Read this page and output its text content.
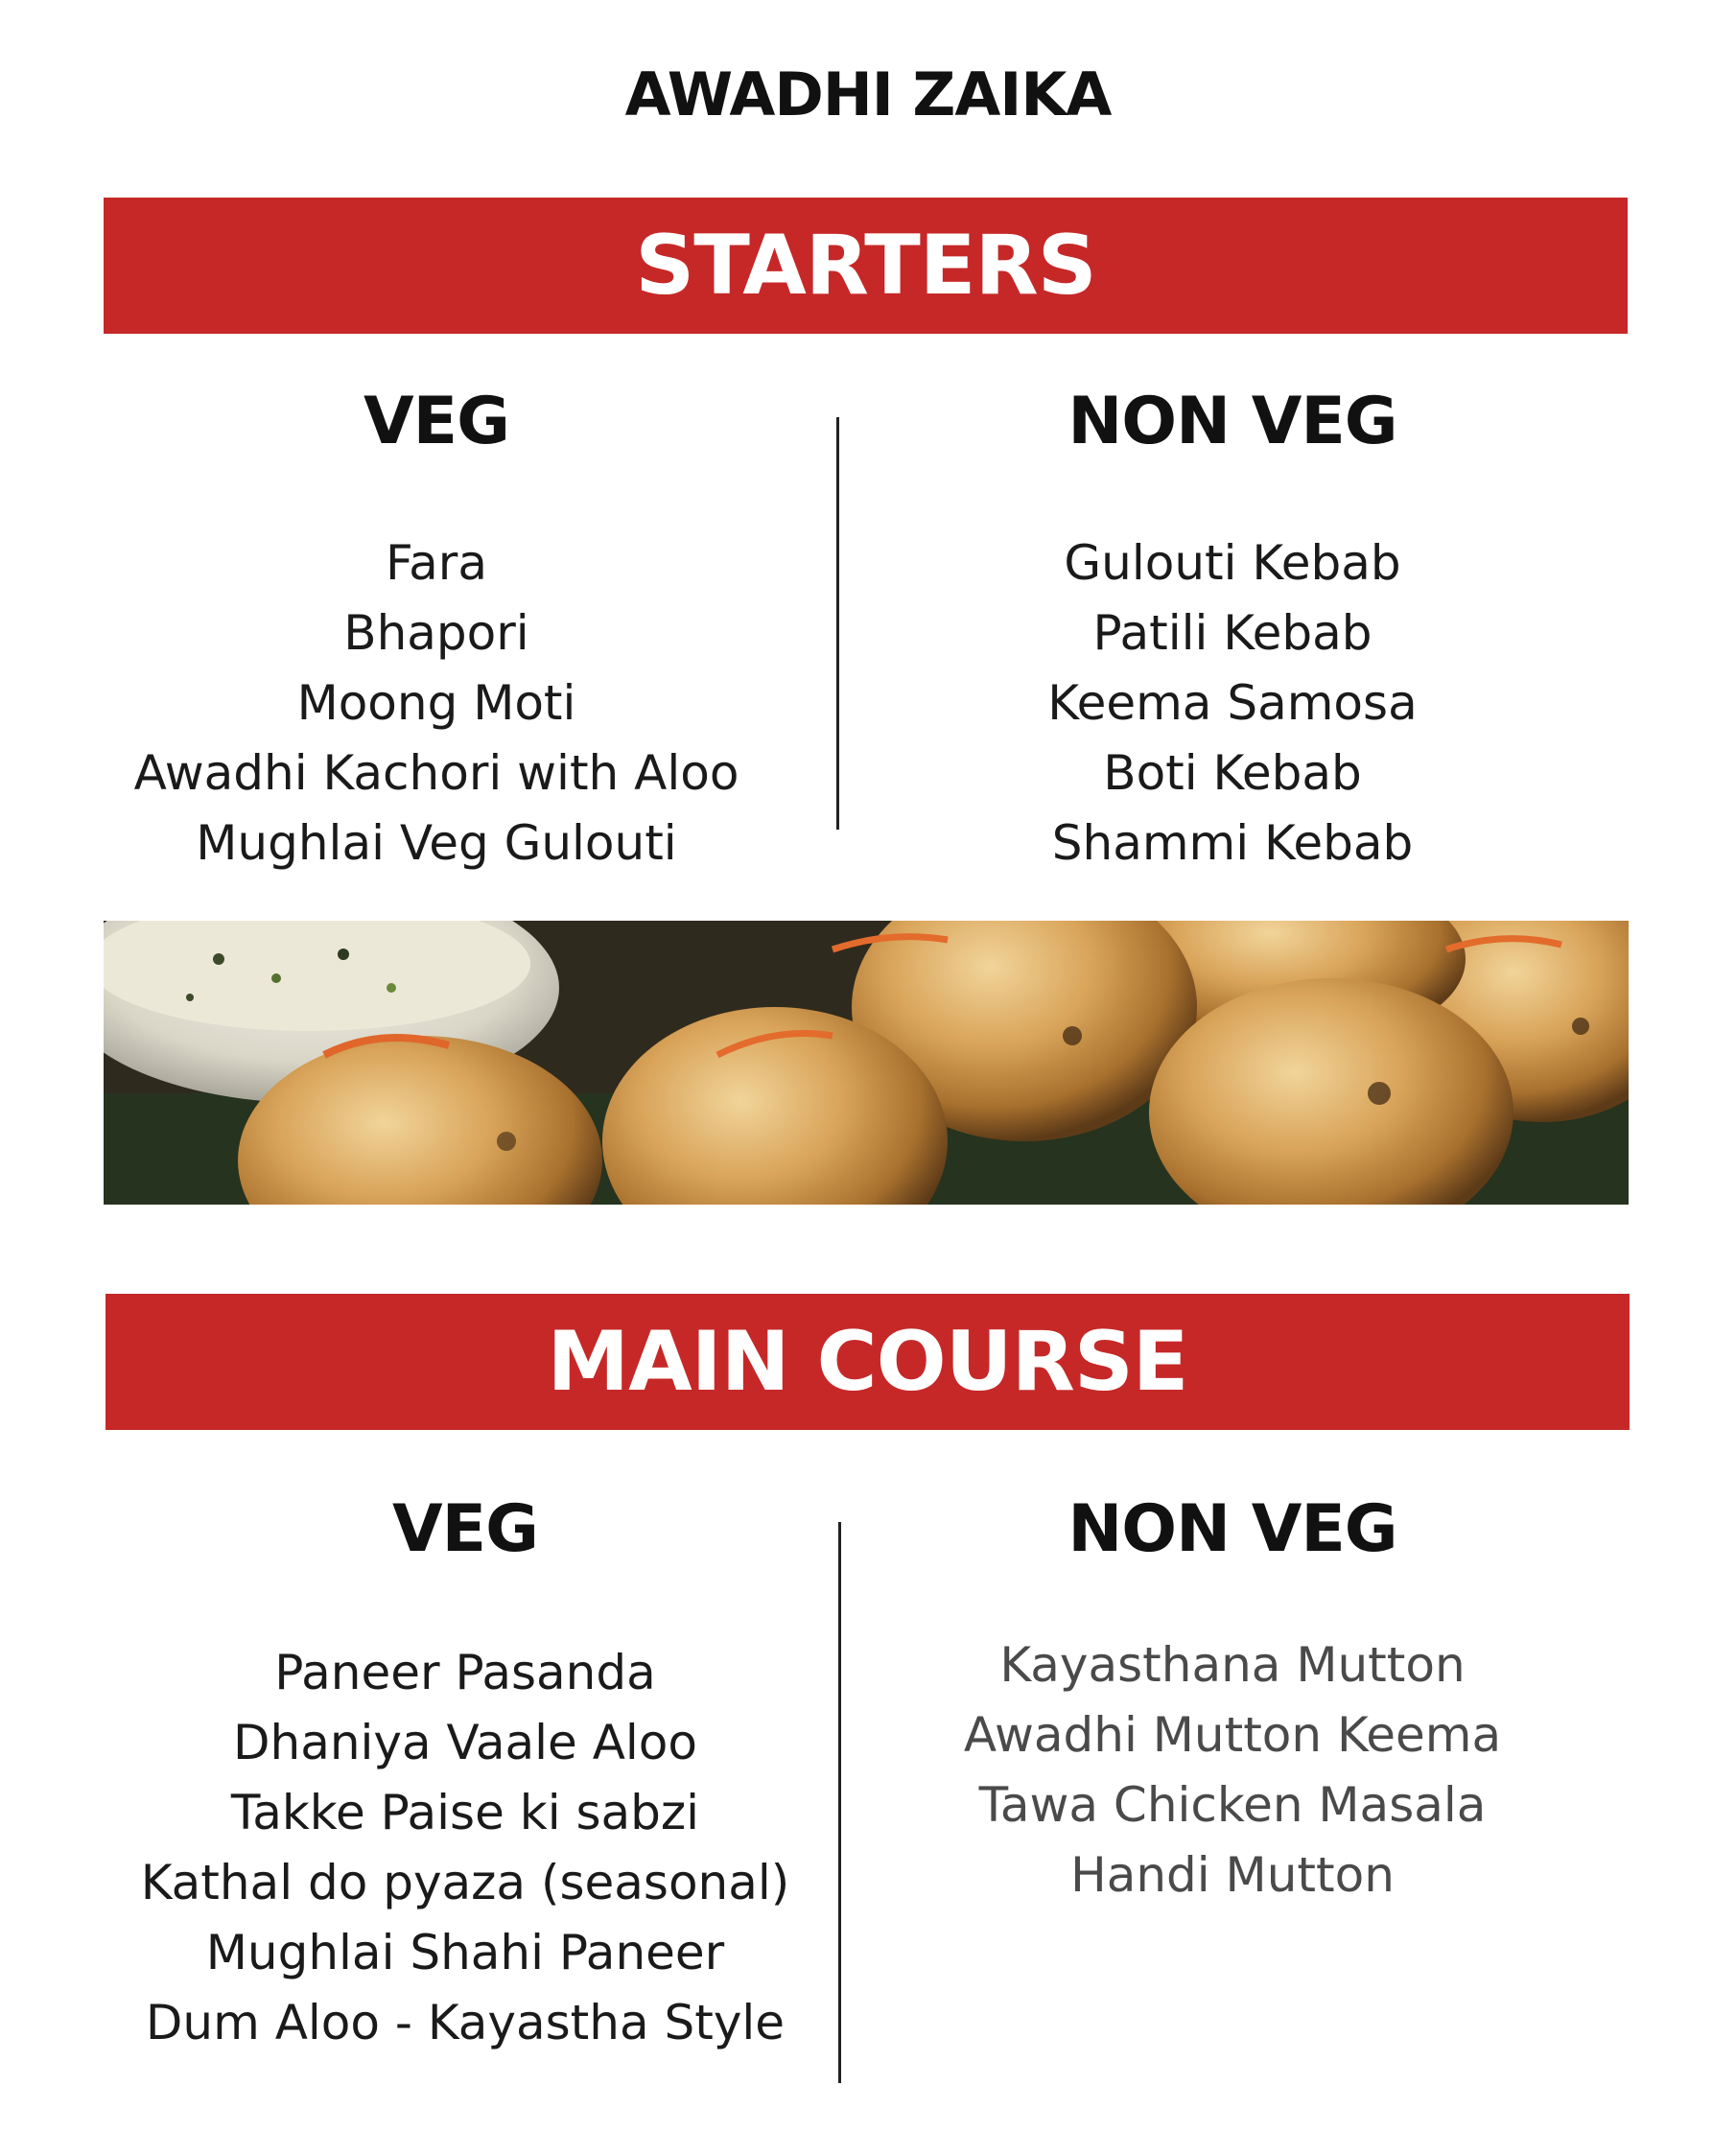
AWADHI ZAIKA
STARTERS
VEG
Fara
Bhapori
Moong Moti
Awadhi Kachori with Aloo
Mughlai Veg Gulouti
NON VEG
Gulouti Kebab
Patili Kebab
Keema Samosa
Boti Kebab
Shammi Kebab
MAIN COURSE
VEG
Paneer Pasanda
Dhaniya Vaale Aloo
Takke Paise ki sabzi
Kathal do pyaza (seasonal)
Mughlai Shahi Paneer
Dum Aloo - Kayastha Style
NON VEG
Kayasthana Mutton
Awadhi Mutton Keema
Tawa Chicken Masala
Handi Mutton
